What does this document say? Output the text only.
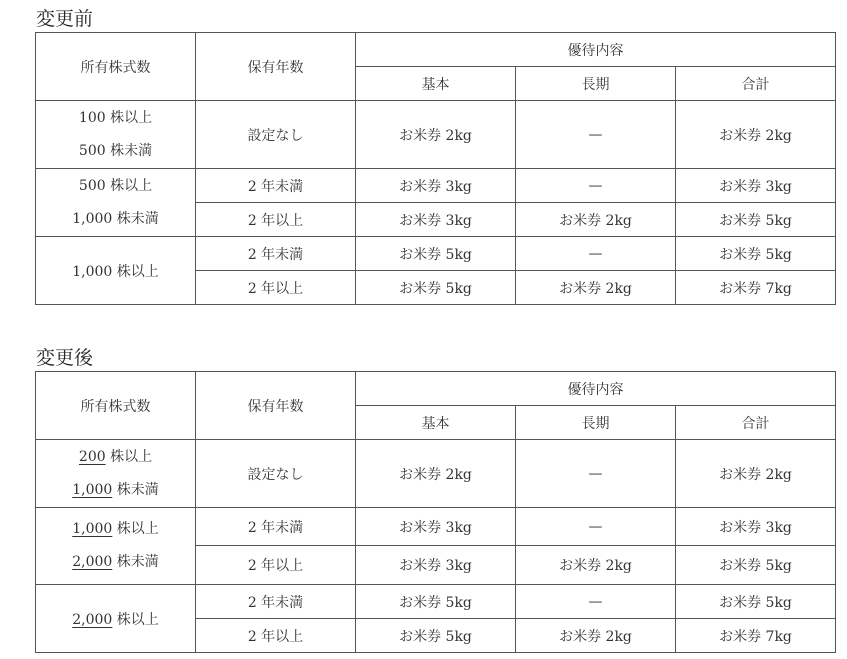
変更前
所有株式数	保有年数	優待内容		
		基本	長期	合計

100 株以上
500 株未満	設定なし	お米券 2kg	—	お米券 2kg

500 株以上
1,000 株未満	2 年未満	お米券 3kg	—	お米券 3kg
	2 年以上	お米券 3kg	お米券 2kg	お米券 5kg
1,000 株以上	2 年未満	お米券 5kg	—	お米券 5kg
	2 年以上	お米券 5kg	お米券 2kg	お米券 7kg
変更後
所有株式数	保有年数	優待内容		
		基本	長期	合計

200 株以上
1,000 株未満	設定なし	お米券 2kg	—	お米券 2kg

1,000 株以上
2,000 株未満	2 年未満	お米券 3kg	—	お米券 3kg
	2 年以上	お米券 3kg	お米券 2kg	お米券 5kg
2,000 株以上	2 年未満	お米券 5kg	—	お米券 5kg
	2 年以上	お米券 5kg	お米券 2kg	お米券 7kg
